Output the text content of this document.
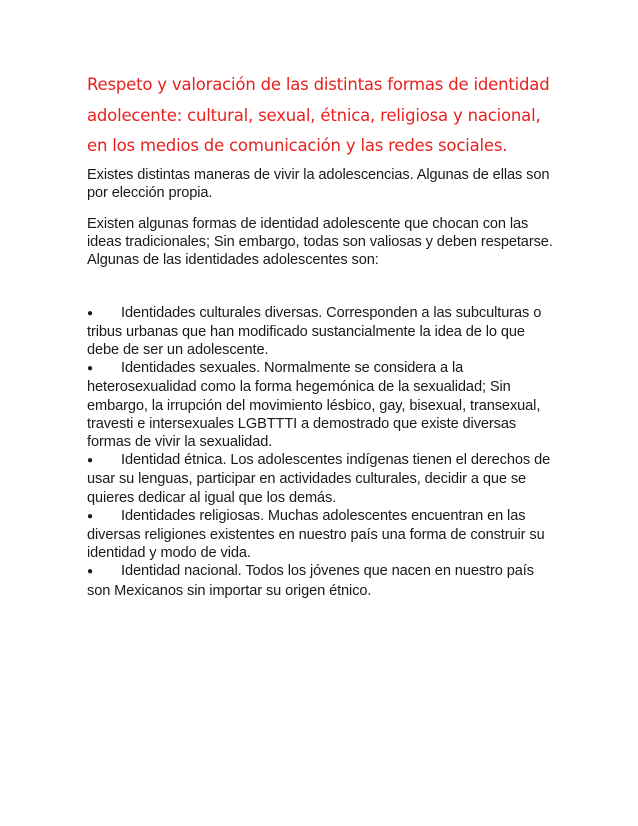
Respeto y valoración de las distintas formas de identidad adolecente: cultural, sexual, étnica, religiosa y nacional, en los medios de comunicación y las redes sociales.

Existes distintas maneras de vivir la adolescencias. Algunas de ellas son por elección propia.

Existen algunas formas de identidad adolescente que chocan con las ideas tradicionales; Sin embargo, todas son valiosas y deben respetarse. Algunas de las identidades adolescentes son:

● Identidades culturales diversas. Corresponden a las subculturas o tribus urbanas que han modificado sustancialmente la idea de lo que debe de ser un adolescente.
● Identidades sexuales. Normalmente se considera a la heterosexualidad como la forma hegemónica de la sexualidad; Sin embargo, la irrupción del movimiento lésbico, gay, bisexual, transexual, travesti e intersexuales LGBTTTI a demostrado que existe diversas formas de vivir la sexualidad.
● Identidad étnica. Los adolescentes indígenas tienen el derechos de usar su lenguas, participar en actividades culturales, decidir a que se quieres dedicar al igual que los demás.
● Identidades religiosas. Muchas adolescentes encuentran en las diversas religiones existentes en nuestro país una forma de construir su identidad y modo de vida.
● Identidad nacional. Todos los jóvenes que nacen en nuestro país son Mexicanos sin importar su origen étnico.
